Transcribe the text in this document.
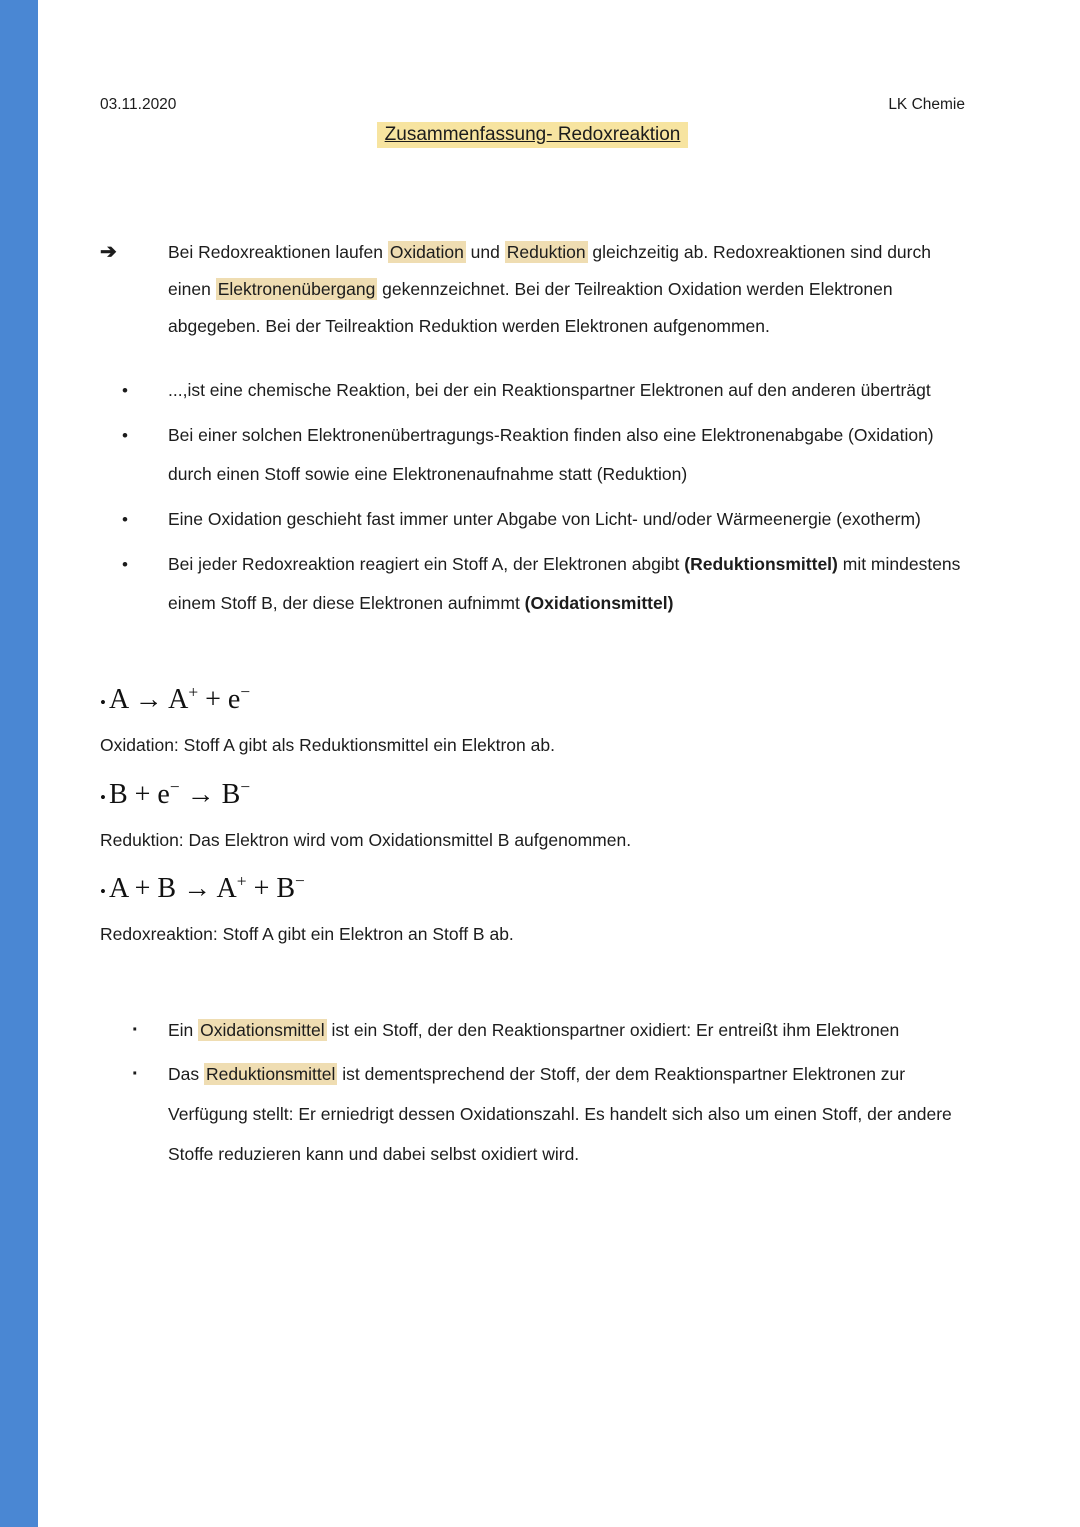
03.11.2020	LK Chemie
Zusammenfassung- Redoxreaktion
➔	Bei Redoxreaktionen laufen Oxidation und Reduktion gleichzeitig ab. Redoxreaktionen sind durch einen Elektronenübergang gekennzeichnet. Bei der Teilreaktion Oxidation werden Elektronen abgegeben. Bei der Teilreaktion Reduktion werden Elektronen aufgenommen.

•	...,ist eine chemische Reaktion, bei der ein Reaktionspartner Elektronen auf den anderen überträgt

•	Bei einer solchen Elektronenübertragungs-Reaktion finden also eine Elektronenabgabe (Oxidation) durch einen Stoff sowie eine Elektronenaufnahme statt (Reduktion)

•	Eine Oxidation geschieht fast immer unter Abgabe von Licht- und/oder Wärmeenergie (exotherm)

•	Bei jeder Redoxreaktion reagiert ein Stoff A, der Elektronen abgibt (Reduktionsmittel) mit mindestens einem Stoff B, der diese Elektronen aufnimmt (Oxidationsmittel)

• A → A+ + e−

Oxidation: Stoff A gibt als Reduktionsmittel ein Elektron ab.

• B + e− → B−

Reduktion: Das Elektron wird vom Oxidationsmittel B aufgenommen.

• A + B → A+ + B−

Redoxreaktion: Stoff A gibt ein Elektron an Stoff B ab.

·	Ein Oxidationsmittel ist ein Stoff, der den Reaktionspartner oxidiert: Er entreißt ihm Elektronen

·	Das Reduktionsmittel ist dementsprechend der Stoff, der dem Reaktionspartner Elektronen zur Verfügung stellt: Er erniedrigt dessen Oxidationszahl. Es handelt sich also um einen Stoff, der andere Stoffe reduzieren kann und dabei selbst oxidiert wird.
